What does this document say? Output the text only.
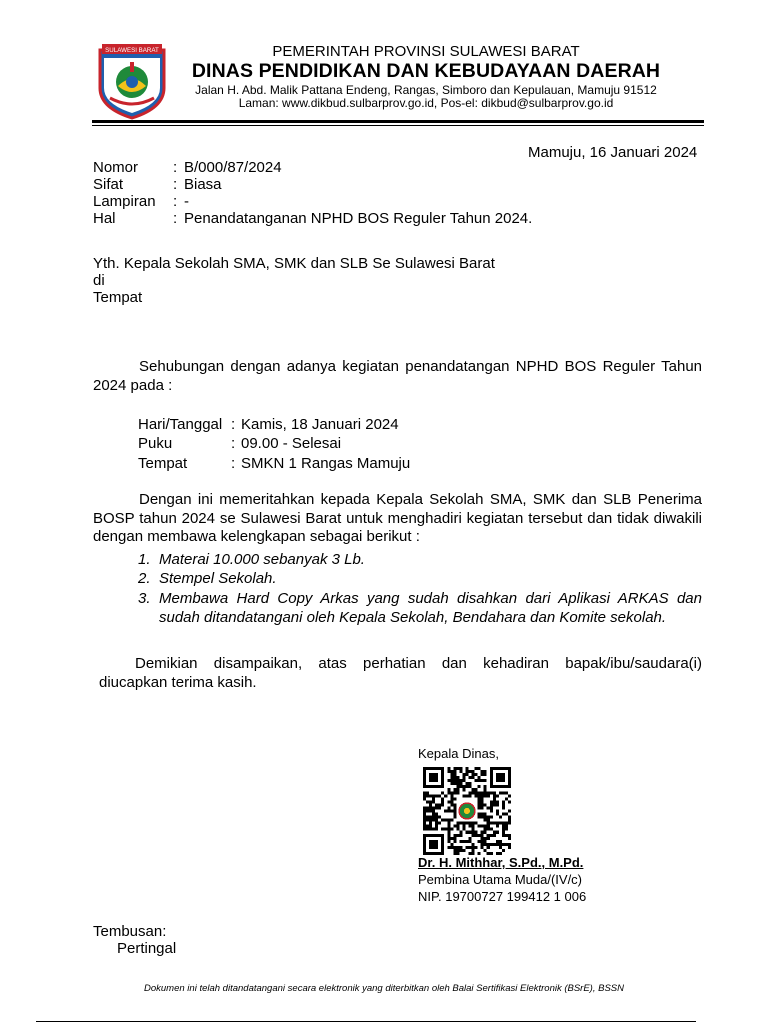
SULAWESI BARAT	PEMERINTAH PROVINSI SULAWESI BARAT
DINAS PENDIDIKAN DAN KEBUDAYAAN DAERAH
Jalan H. Abd. Malik Pattana Endeng, Rangas, Simboro dan Kepulauan, Mamuju 91512
Laman: www.dikbud.sulbarprov.go.id, Pos-el: dikbud@sulbarprov.go.id
Mamuju, 16 Januari 2024
Nomor : B/000/87/2024
Sifat	: Biasa
Lampiran : -
Hal	: Penandatanganan NPHD BOS Reguler Tahun 2024.
Yth. Kepala Sekolah SMA, SMK dan SLB Se Sulawesi Barat
di
Tempat
Sehubungan dengan adanya kegiatan penandatangan NPHD BOS Reguler Tahun 2024 pada :
Hari/Tanggal : Kamis, 18 Januari 2024
Puku	: 09.00 - Selesai
Tempat	: SMKN 1 Rangas Mamuju
Dengan ini memeritahkan kepada Kepala Sekolah SMA, SMK dan SLB Penerima BOSP tahun 2024 se Sulawesi Barat untuk menghadiri kegiatan tersebut dan tidak diwakili dengan membawa kelengkapan sebagai berikut :
1. Materai 10.000 sebanyak 3 Lb.
2. Stempel Sekolah.
3. Membawa Hard Copy Arkas yang sudah disahkan dari Aplikasi ARKAS dan
sudah ditandatangani oleh Kepala Sekolah, Bendahara dan Komite sekolah.
Demikian disampaikan, atas perhatian dan kehadiran bapak/ibu/saudara(i) diucapkan terima kasih.
Kepala Dinas,
Dr. H. Mithhar, S.Pd., M.Pd.
Pembina Utama Muda/(IV/c)
NIP. 19700727 199412 1 006
Tembusan:
Pertingal
Dokumen ini telah ditandatangani secara elektronik yang diterbitkan oleh Balai Sertifikasi Elektronik (BSrE), BSSN
